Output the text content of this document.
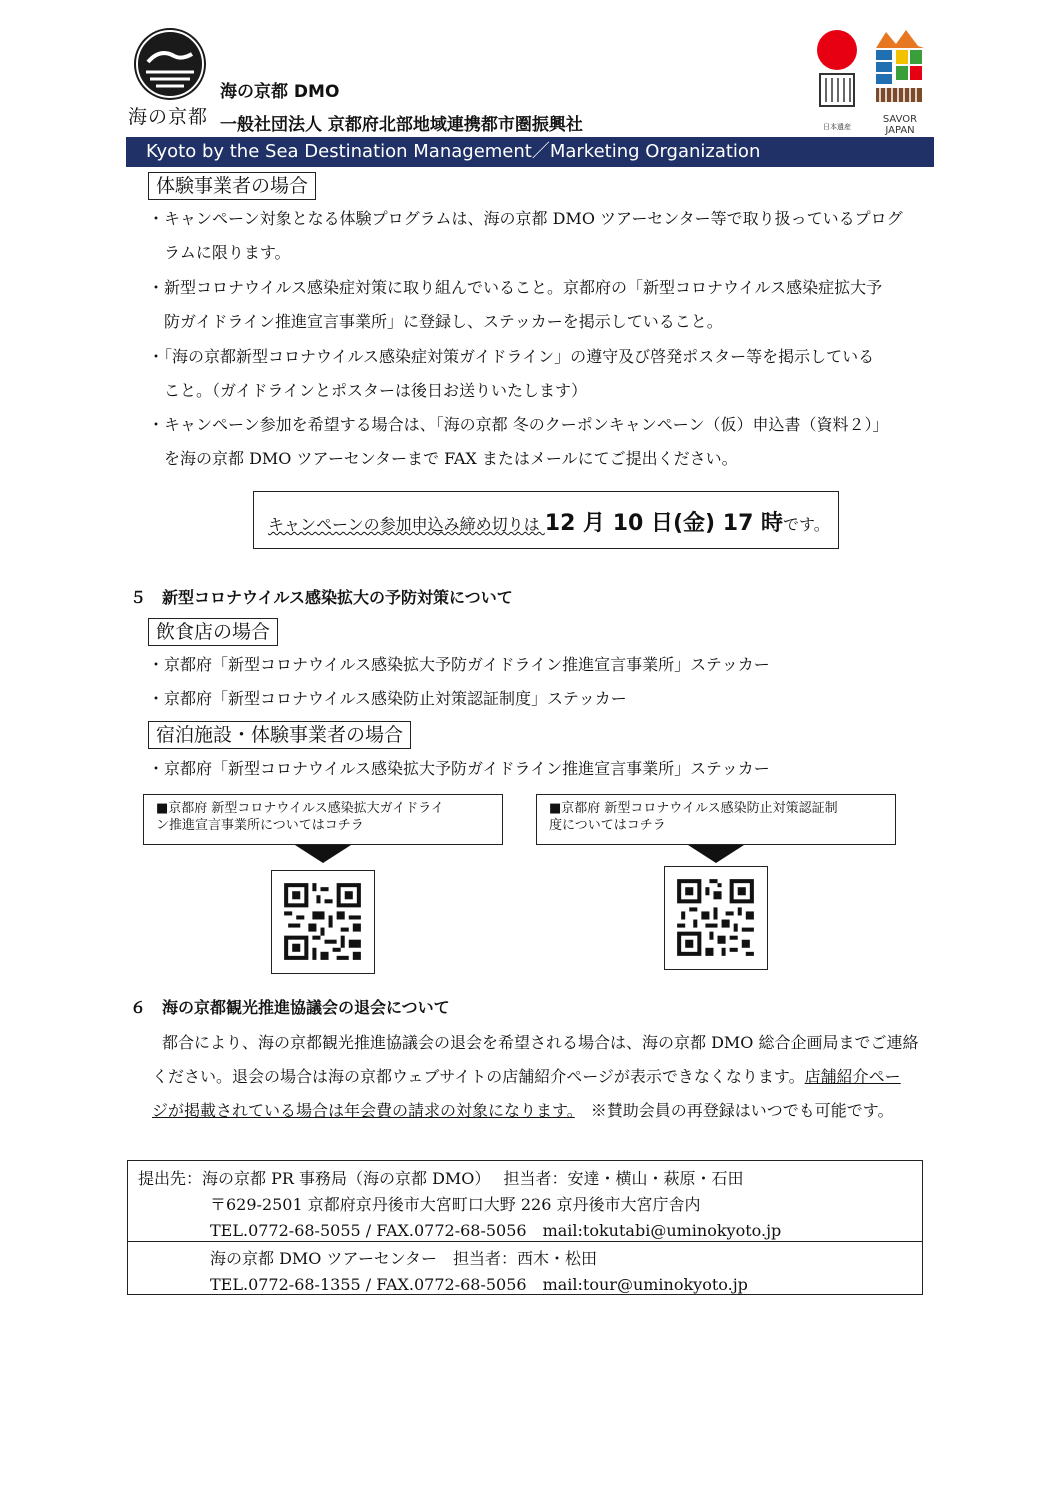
海の京都
海の京都 DMO
一般社団法人 京都府北部地域連携都市圏振興社	日本遺産
SAVOR JAPAN
Kyoto by the Sea Destination Management／Marketing Organization
体験事業者の場合
・キャンペーン対象となる体験プログラムは、海の京都 DMO ツアーセンター等で取り扱っているプログ
ラムに限ります。
・新型コロナウイルス感染症対策に取り組んでいること。京都府の「新型コロナウイルス感染症拡大予
防ガイドライン推進宣言事業所」に登録し、ステッカーを掲示していること。
・「海の京都新型コロナウイルス感染症対策ガイドライン」の遵守及び啓発ポスター等を掲示している
こと。（ガイドラインとポスターは後日お送りいたします）
・キャンペーン参加を希望する場合は、「海の京都 冬のクーポンキャンペーン（仮）申込書（資料２）」
を海の京都 DMO ツアーセンターまで FAX またはメールにてご提出ください。
キャンペーンの参加申込み締め切りは 12 月 10 日(金) 17 時です。
５　新型コロナウイルス感染拡大の予防対策について
飲食店の場合
・京都府「新型コロナウイルス感染拡大予防ガイドライン推進宣言事業所」ステッカー
・京都府「新型コロナウイルス感染防止対策認証制度」ステッカー
宿泊施設・体験事業者の場合
・京都府「新型コロナウイルス感染拡大予防ガイドライン推進宣言事業所」ステッカー
■京都府 新型コロナウイルス感染拡大ガイドライ
ン推進宣言事業所についてはコチラ
■京都府 新型コロナウイルス感染防止対策認証制
度についてはコチラ
６　海の京都観光推進協議会の退会について
都合により、海の京都観光推進協議会の退会を希望される場合は、海の京都 DMO 総合企画局までご連絡
ください。退会の場合は海の京都ウェブサイトの店舗紹介ページが表示できなくなります。店舗紹介ペー
ジが掲載されている場合は年会費の請求の対象になります。　※賛助会員の再登録はいつでも可能です。
提出先：海の京都 PR 事務局（海の京都 DMO）　 担当者：安達・横山・萩原・石田
〒629-2501 京都府京丹後市大宮町口大野 226 京丹後市大宮庁舎内
TEL.0772-68-5055 / FAX.0772-68-5056　mail:tokutabi@uminokyoto.jp
海の京都 DMO ツアーセンター　担当者：西木・松田
TEL.0772-68-1355 / FAX.0772-68-5056　mail:tour@uminokyoto.jp
